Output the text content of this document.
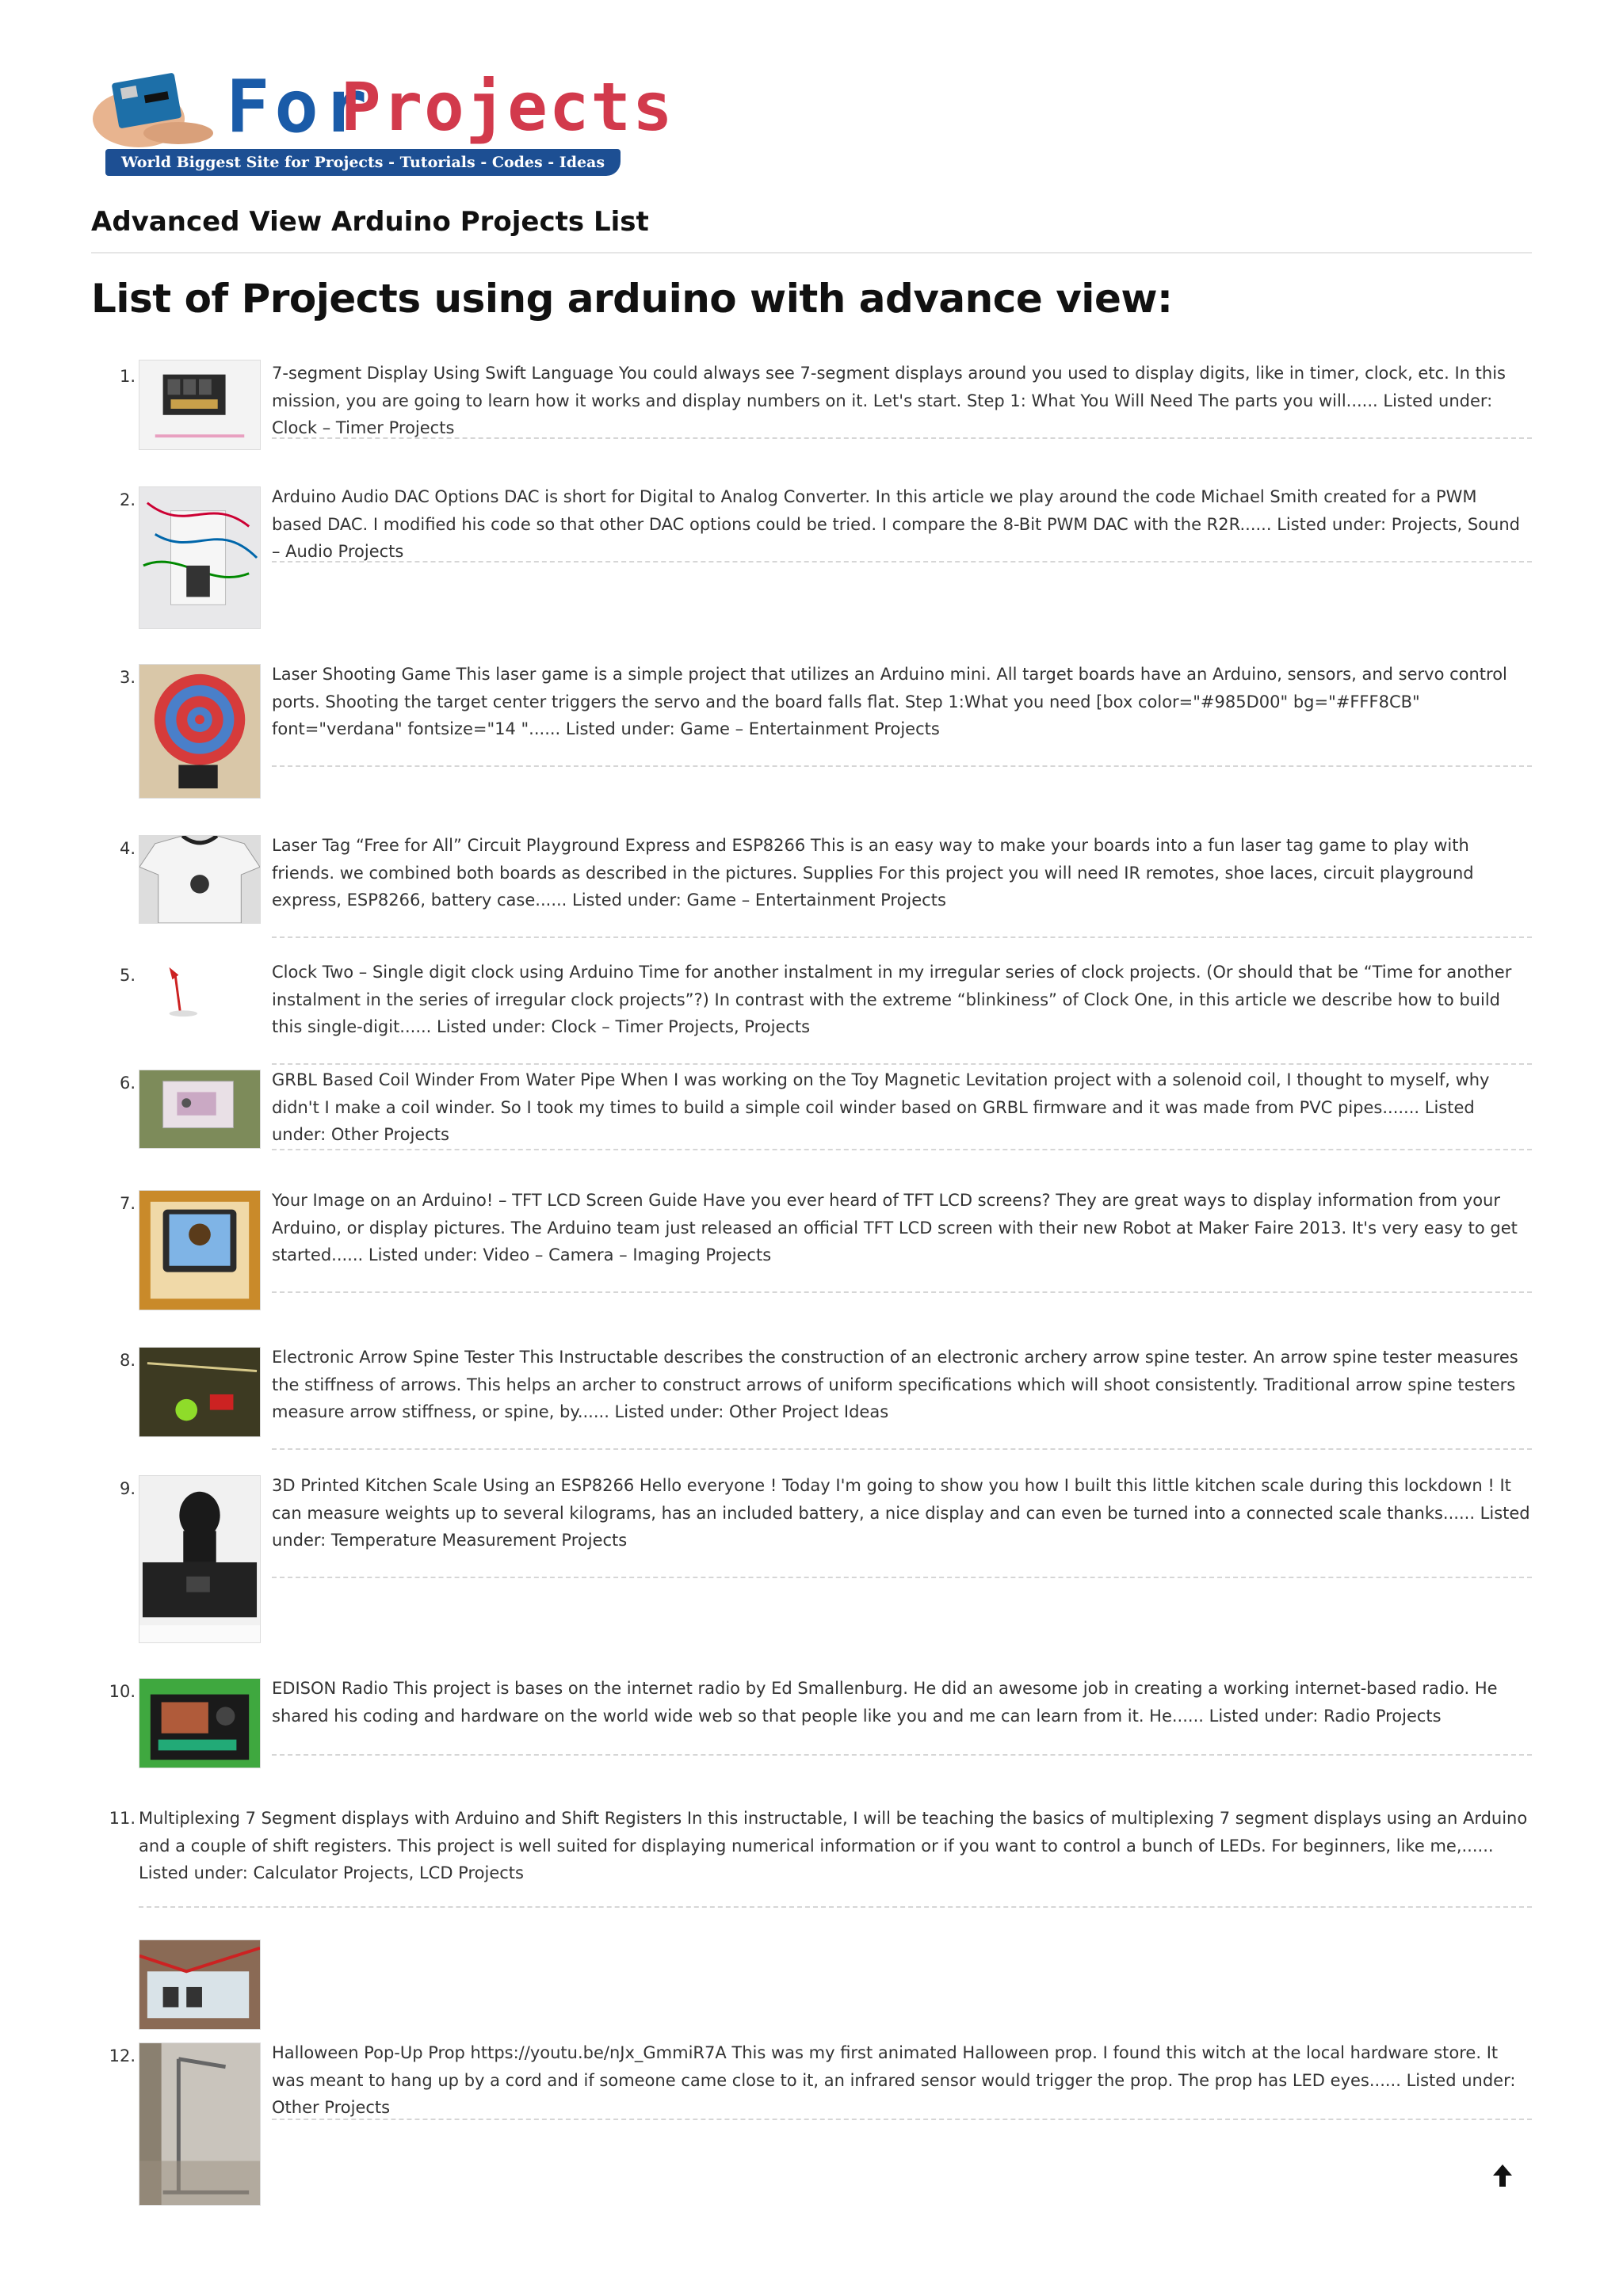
For
Projects
World Biggest Site for Projects - Tutorials - Codes - Ideas
Advanced View Arduino Projects List
List of Projects using arduino with advance view:
1.	7-segment Display Using Swift Language You could always see 7-segment displays around you used to display digits, like in timer, clock, etc. In this mission, you are going to learn how it works and display numbers on it. Let's start. Step 1: What You Will Need The parts you will...... Listed under: Clock – Timer Projects
2.	Arduino Audio DAC Options DAC is short for Digital to Analog Converter. In this article we play around the code Michael Smith created for a PWM based DAC. I modified his code so that other DAC options could be tried. I compare the 8-Bit PWM DAC with the R2R...... Listed under: Projects, Sound – Audio Projects
3.	Laser Shooting Game This laser game is a simple project that utilizes an Arduino mini. All target boards have an Arduino, sensors, and servo control ports. Shooting the target center triggers the servo and the board falls flat. Step 1:What you need [box color="#985D00" bg="#FFF8CB" font="verdana" fontsize="14 "...... Listed under: Game – Entertainment Projects
4.	Laser Tag “Free for All” Circuit Playground Express and ESP8266 This is an easy way to make your boards into a fun laser tag game to play with friends. we combined both boards as described in the pictures. Supplies For this project you will need IR remotes, shoe laces, circuit playground express, ESP8266, battery case...... Listed under: Game – Entertainment Projects
5.	Clock Two – Single digit clock using Arduino Time for another instalment in my irregular series of clock projects. (Or should that be “Time for another instalment in the series of irregular clock projects”?) In contrast with the extreme “blinkiness” of Clock One, in this article we describe how to build this single-digit...... Listed under: Clock – Timer Projects, Projects
6.	GRBL Based Coil Winder From Water Pipe When I was working on the Toy Magnetic Levitation project with a solenoid coil, I thought to myself, why didn't I make a coil winder. So I took my times to build a simple coil winder based on GRBL firmware and it was made from PVC pipes....... Listed under: Other Projects
7.	Your Image on an Arduino! – TFT LCD Screen Guide Have you ever heard of TFT LCD screens? They are great ways to display information from your Arduino, or display pictures. The Arduino team just released an official TFT LCD screen with their new Robot at Maker Faire 2013. It's very easy to get started...... Listed under: Video – Camera – Imaging Projects
8.	Electronic Arrow Spine Tester This Instructable describes the construction of an electronic archery arrow spine tester. An arrow spine tester measures the stiffness of arrows. This helps an archer to construct arrows of uniform specifications which will shoot consistently. Traditional arrow spine testers measure arrow stiffness, or spine, by...... Listed under: Other Project Ideas
9.	3D Printed Kitchen Scale Using an ESP8266 Hello everyone ! Today I'm going to show you how I built this little kitchen scale during this lockdown ! It can measure weights up to several kilograms, has an included battery, a nice display and can even be turned into a connected scale thanks...... Listed under: Temperature Measurement Projects
10.	EDISON Radio This project is bases on the internet radio by Ed Smallenburg. He did an awesome job in creating a working internet-based radio. He shared his coding and hardware on the world wide web so that people like you and me can learn from it. He...... Listed under: Radio Projects
11. Multiplexing 7 Segment displays with Arduino and Shift Registers In this instructable, I will be teaching the basics of multiplexing 7 segment displays using an Arduino and a couple of shift registers. This project is well suited for displaying numerical information or if you want to control a bunch of LEDs. For beginners, like me,...... Listed under: Calculator Projects, LCD Projects
12.	Halloween Pop-Up Prop https://youtu.be/nJx_GmmiR7A This was my first animated Halloween prop. I found this witch at the local hardware store. It was meant to hang up by a cord and if someone came close to it, an infrared sensor would trigger the prop. The prop has LED eyes...... Listed under: Other Projects
